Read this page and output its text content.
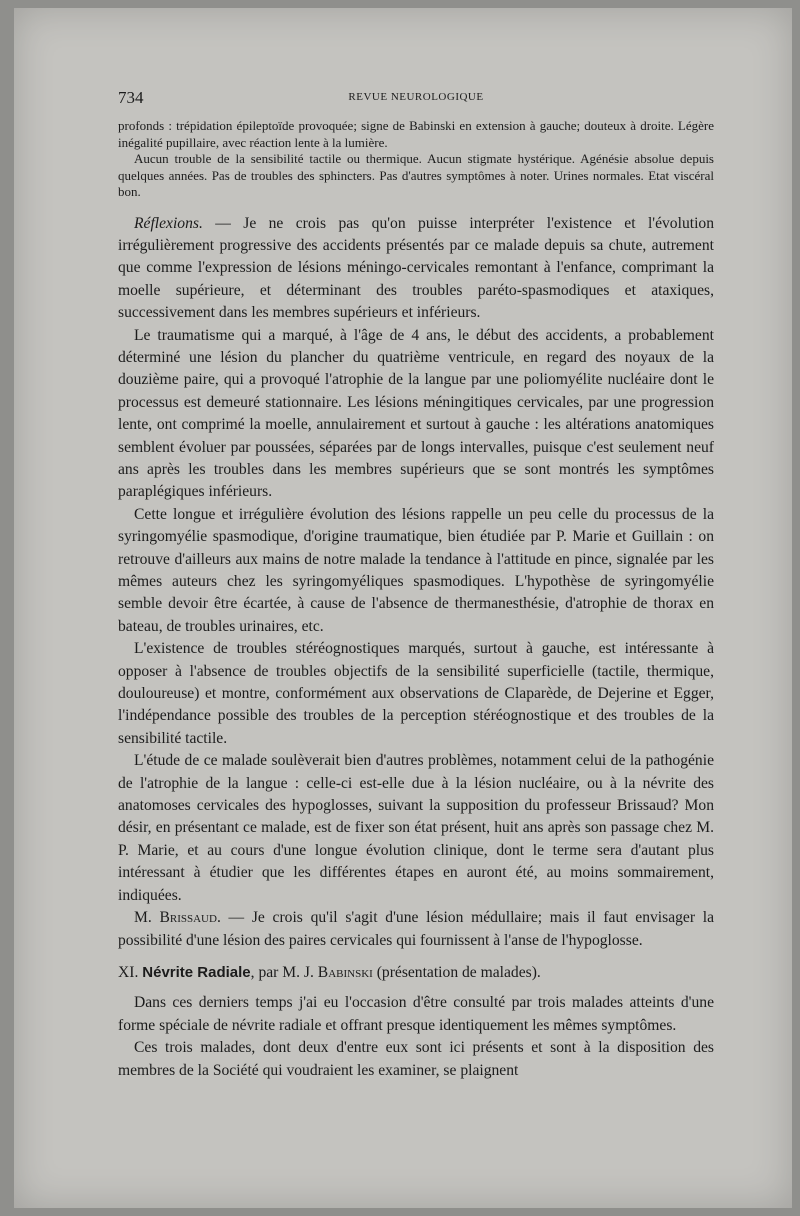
734	REVUE NEUROLOGIQUE

profonds : trépidation épileptoïde provoquée; signe de Babinski en extension à gauche; douteux à droite. Légère inégalité pupillaire, avec réaction lente à la lumière.

Aucun trouble de la sensibilité tactile ou thermique. Aucun stigmate hystérique. Agénésie absolue depuis quelques années. Pas de troubles des sphincters. Pas d'autres symptômes à noter. Urines normales. Etat viscéral bon.

Réflexions. — Je ne crois pas qu'on puisse interpréter l'existence et l'évolution irrégulièrement progressive des accidents présentés par ce malade depuis sa chute, autrement que comme l'expression de lésions méningo-cervicales remontant à l'enfance, comprimant la moelle supérieure, et déterminant des troubles paréto-spasmodiques et ataxiques, successivement dans les membres supérieurs et inférieurs.

Le traumatisme qui a marqué, à l'âge de 4 ans, le début des accidents, a probablement déterminé une lésion du plancher du quatrième ventricule, en regard des noyaux de la douzième paire, qui a provoqué l'atrophie de la langue par une poliomyélite nucléaire dont le processus est demeuré stationnaire. Les lésions méningitiques cervicales, par une progression lente, ont comprimé la moelle, annulairement et surtout à gauche : les altérations anatomiques semblent évoluer par poussées, séparées par de longs intervalles, puisque c'est seulement neuf ans après les troubles dans les membres supérieurs que se sont montrés les symptômes paraplégiques inférieurs.

Cette longue et irrégulière évolution des lésions rappelle un peu celle du processus de la syringomyélie spasmodique, d'origine traumatique, bien étudiée par P. Marie et Guillain : on retrouve d'ailleurs aux mains de notre malade la tendance à l'attitude en pince, signalée par les mêmes auteurs chez les syringomyéliques spasmodiques. L'hypothèse de syringomyélie semble devoir être écartée, à cause de l'absence de thermanesthésie, d'atrophie de thorax en bateau, de troubles urinaires, etc.

L'existence de troubles stéréognostiques marqués, surtout à gauche, est intéressante à opposer à l'absence de troubles objectifs de la sensibilité superficielle (tactile, thermique, douloureuse) et montre, conformément aux observations de Claparède, de Dejerine et Egger, l'indépendance possible des troubles de la perception stéréognostique et des troubles de la sensibilité tactile.

L'étude de ce malade soulèverait bien d'autres problèmes, notamment celui de la pathogénie de l'atrophie de la langue : celle-ci est-elle due à la lésion nucléaire, ou à la névrite des anatomoses cervicales des hypoglosses, suivant la supposition du professeur Brissaud? Mon désir, en présentant ce malade, est de fixer son état présent, huit ans après son passage chez M. P. Marie, et au cours d'une longue évolution clinique, dont le terme sera d'autant plus intéressant à étudier que les différentes étapes en auront été, au moins sommairement, indiquées.

M. Brissaud. — Je crois qu'il s'agit d'une lésion médullaire; mais il faut envisager la possibilité d'une lésion des paires cervicales qui fournissent à l'anse de l'hypoglosse.

XI. Névrite Radiale, par M. J. Babinski (présentation de malades).

Dans ces derniers temps j'ai eu l'occasion d'être consulté par trois malades atteints d'une forme spéciale de névrite radiale et offrant presque identiquement les mêmes symptômes.

Ces trois malades, dont deux d'entre eux sont ici présents et sont à la disposition des membres de la Société qui voudraient les examiner, se plaignent
